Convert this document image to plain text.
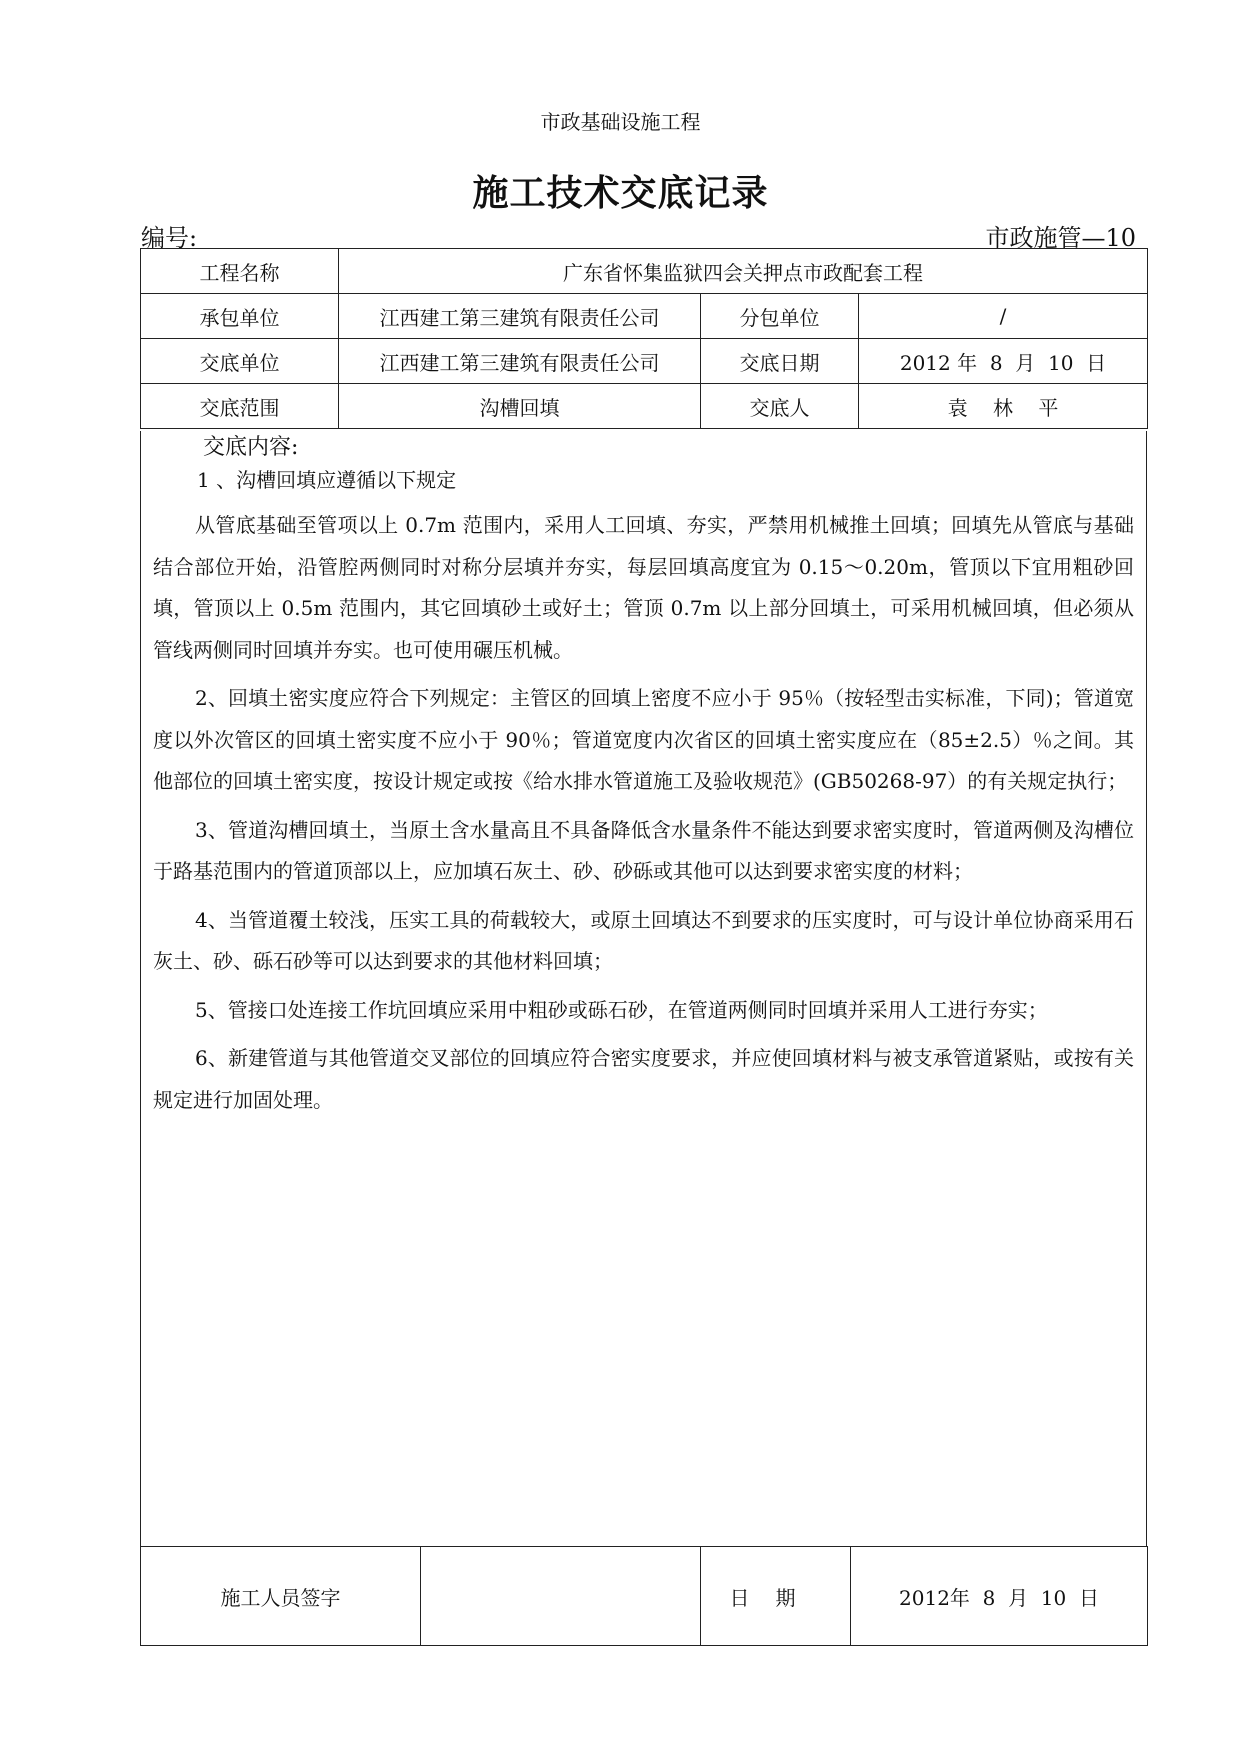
市政基础设施工程
施工技术交底记录
编号:	市政施管—10
工程名称	广东省怀集监狱四会关押点市政配套工程		
承包单位	江西建工第三建筑有限责任公司	分包单位	/
交底单位	江西建工第三建筑有限责任公司	交底日期	2012 年  8  月  10  日
交底范围	沟槽回填	交底人	袁    林    平
交底内容:
1 、沟槽回填应遵循以下规定

从管底基础至管项以上 0.7m 范围内，采用人工回填、夯实，严禁用机械推土回填；回填先从管底与基础结合部位开始，沿管腔两侧同时对称分层填并夯实，每层回填高度宜为 0.15～0.20m，管顶以下宜用粗砂回填，管顶以上 0.5m 范围内，其它回填砂土或好土；管顶 0.7m 以上部分回填土，可采用机械回填，但必须从管线两侧同时回填并夯实。也可使用碾压机械。

2、回填土密实度应符合下列规定：主管区的回填上密度不应小于 95％（按轻型击实标准，下同)；管道宽度以外次管区的回填土密实度不应小于 90％；管道宽度内次省区的回填土密实度应在（85±2.5）％之间。其他部位的回填土密实度，按设计规定或按《给水排水管道施工及验收规范》(GB50268-97）的有关规定执行；

3、管道沟槽回填土，当原土含水量高且不具备降低含水量条件不能达到要求密实度时，管道两侧及沟槽位于路基范围内的管道顶部以上，应加填石灰土、砂、砂砾或其他可以达到要求密实度的材料；

4、当管道覆土较浅，压实工具的荷载较大，或原土回填达不到要求的压实度时，可与设计单位协商采用石灰土、砂、砾石砂等可以达到要求的其他材料回填；

5、管接口处连接工作坑回填应采用中粗砂或砾石砂，在管道两侧同时回填并采用人工进行夯实；

6、新建管道与其他管道交叉部位的回填应符合密实度要求，并应使回填材料与被支承管道紧贴，或按有关规定进行加固处理。

施工人员签字		日期	2012年  8  月  10  日
